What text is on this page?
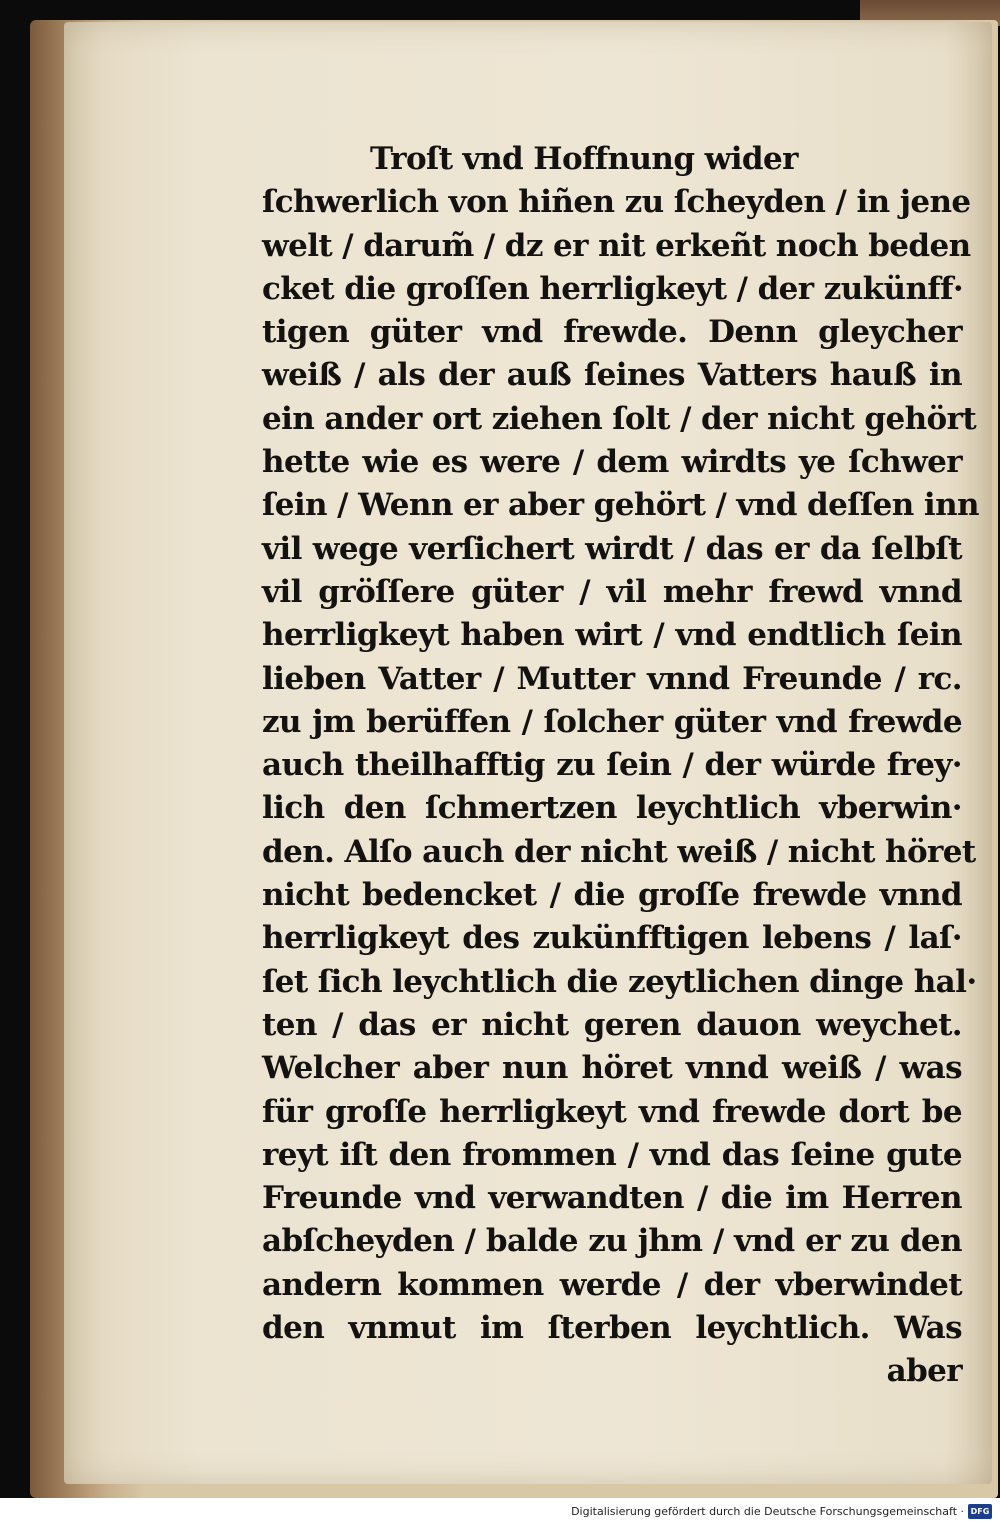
Troſt vnd Hoffnung wider
ſchwerlich von hiñen zu ſcheyden / in jene
welt / darum̃ / dz er nit erkeñt noch beden
cket die groſſen herrligkeyt / der zukünff·
tigen güter vnd frewde. Denn gleycher
weiß / als der auß ſeines Vatters hauß in
ein ander ort ziehen ſolt / der nicht gehört
hette wie es were / dem wirdts ye ſchwer
ſein / Wenn er aber gehört / vnd deſſen inn
vil wege verſichert wirdt / das er da ſelbſt
vil gröſſere güter / vil mehr frewd vnnd
herrligkeyt haben wirt / vnd endtlich ſein
lieben Vatter / Mutter vnnd Freunde / rc.
zu jm berüffen / ſolcher güter vnd frewde
auch theilhafftig zu ſein / der würde frey·
lich den ſchmertzen leychtlich vberwin·
den. Alſo auch der nicht weiß / nicht höret
nicht bedencket / die groſſe frewde vnnd
herrligkeyt des zukünfftigen lebens / laſ·
ſet ſich leychtlich die zeytlichen dinge hal·
ten / das er nicht geren dauon weychet.
Welcher aber nun höret vnnd weiß / was
für groſſe herrligkeyt vnd frewde dort be
reyt iſt den frommen / vnd das ſeine gute
Freunde vnd verwandten / die im Herren
abſcheyden / balde zu jhm / vnd er zu den
andern kommen werde / der vberwindet
den vnmut im ſterben leychtlich. Was
aber
Digitalisierung gefördert durch die Deutsche Forschungsgemeinschaft · DFG
